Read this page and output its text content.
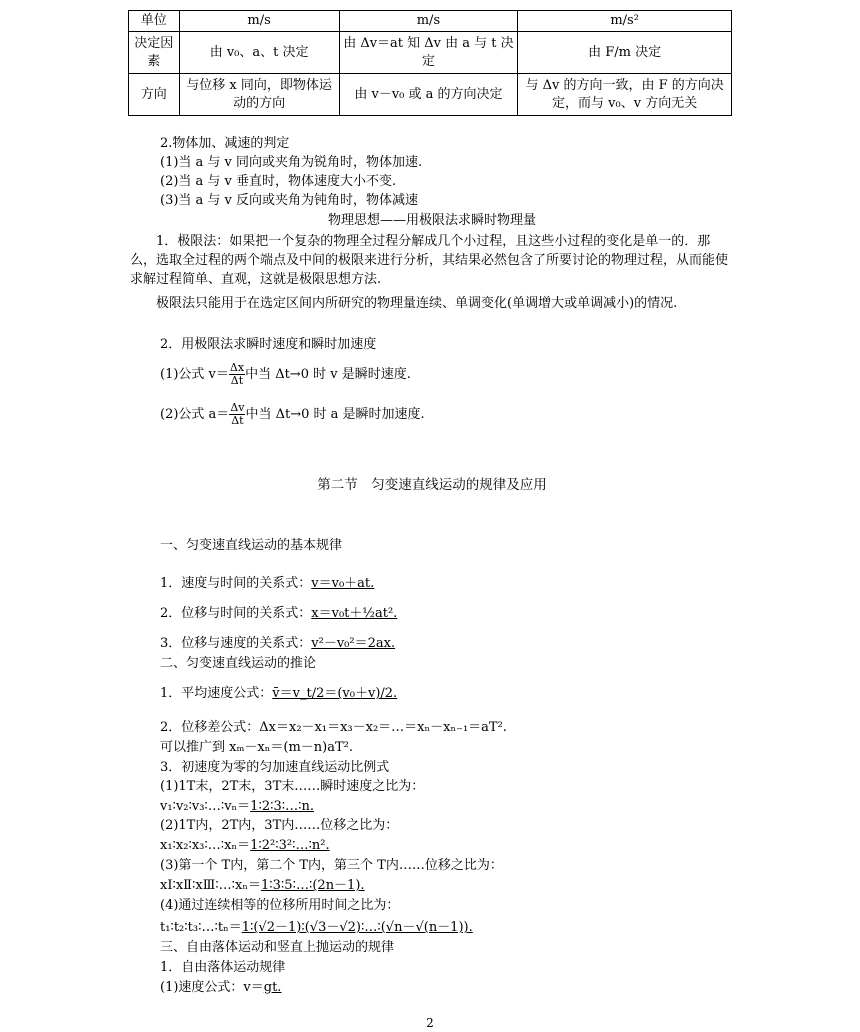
单位	m/s	m/s	m/s²
决定因素	由 v₀、a、t 决定	由 Δv＝at 知 Δv 由 a 与 t 决定	由 F/m 决定
方向	与位移 x 同向，即物体运动的方向	由 v－v₀ 或 a 的方向决定	与 Δv 的方向一致，由 F 的方向决定，而与 v₀、v 方向无关
2.物体加、减速的判定
(1)当 a 与 v 同向或夹角为锐角时，物体加速.
(2)当 a 与 v 垂直时，物体速度大小不变.
(3)当 a 与 v 反向或夹角为钝角时，物体减速
物理思想——用极限法求瞬时物理量
1．极限法：如果把一个复杂的物理全过程分解成几个小过程，且这些小过程的变化是单一的．那么，选取全过程的两个端点及中间的极限来进行分析，其结果必然包含了所要讨论的物理过程，从而能使求解过程简单、直观，这就是极限思想方法.
极限法只能用于在选定区间内所研究的物理量连续、单调变化(单调增大或单调减小)的情况.
2．用极限法求瞬时速度和瞬时加速度
(1)公式 $v= \frac{\Delta x}{\Delta t}$ 中当 Δt→0 时 v 是瞬时速度.
(2)公式 $a= \frac{\Delta v}{\Delta t}$ 中当 Δt→0 时 a 是瞬时加速度.
第二节　匀变速直线运动的规律及应用
一、匀变速直线运动的基本规律
1．速度与时间的关系式：v＝v₀＋at.
2．位移与时间的关系式：x＝v₀t＋½at².
3．位移与速度的关系式：v²－v₀²＝2ax.
二、匀变速直线运动的推论
1．平均速度公式：v̄＝v_t/2＝(v₀＋v)/2.
2．位移差公式：Δx＝x₂－x₁＝x₃－x₂＝…＝xₙ－xₙ₋₁＝aT².
可以推广到 xₘ－xₙ＝(m－n)aT².
3．初速度为零的匀加速直线运动比例式
(1)1T末，2T末，3T末……瞬时速度之比为：
v₁∶v₂∶v₃∶…∶vₙ＝1∶2∶3∶…∶n.
(2)1T内，2T内，3T内……位移之比为：
x₁∶x₂∶x₃∶…∶xₙ＝1∶2²∶3²∶…∶n².
(3)第一个 T内，第二个 T内，第三个 T内……位移之比为：
xⅠ∶xⅡ∶xⅢ∶…∶xₙ＝1∶3∶5∶…∶(2n－1).
(4)通过连续相等的位移所用时间之比为：
t₁∶t₂∶t₃∶…∶tₙ＝1∶(√2－1)∶(√3－√2)∶…∶(√n－√(n－1)).
三、自由落体运动和竖直上抛运动的规律
1．自由落体运动规律
(1)速度公式：v＝gt.
2
